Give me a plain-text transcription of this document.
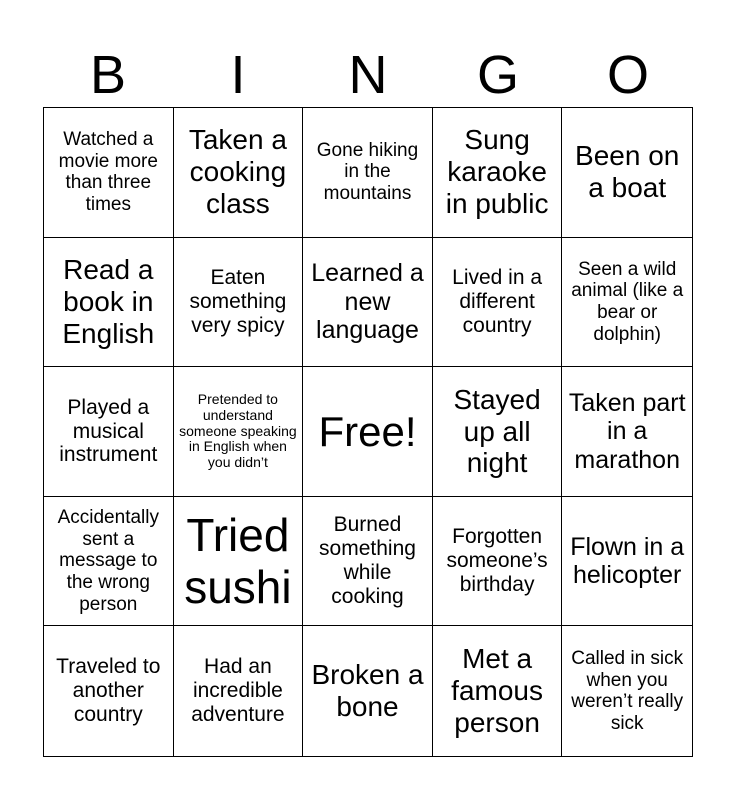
B	I	N	G	O
Watched a movie more than three times
Taken a cooking class
Gone hiking in the mountains
Sung karaoke in public
Been on a boat
Read a book in English
Eaten something very spicy
Learned a new language
Lived in a different country
Seen a wild animal (like a bear or dolphin)
Played a musical instrument
Pretended to understand someone speaking in English when you didn’t
Free!
Stayed up all night
Taken part in a marathon
Accidentally sent a message to the wrong person
Tried sushi
Burned something while cooking
Forgotten someone’s birthday
Flown in a helicopter
Traveled to another country
Had an incredible adventure
Broken a bone
Met a famous person
Called in sick when you weren’t really sick
